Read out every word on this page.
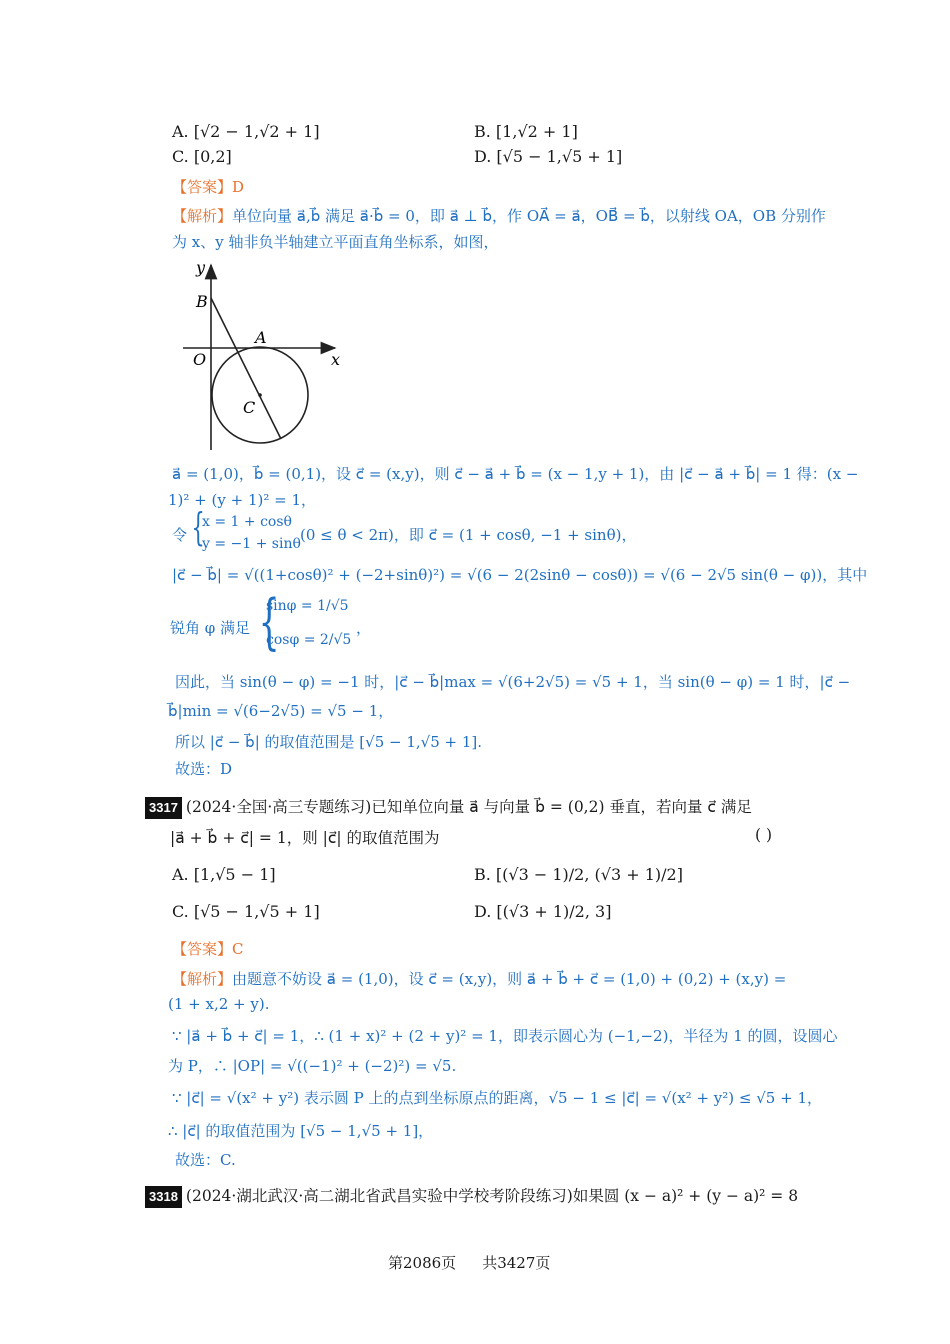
A. [√2 − 1,√2 + 1]	B. [1,√2 + 1]
C. [0,2]	D. [√5 − 1,√5 + 1]
【答案】D
【解析】单位向量 a⃗,b⃗ 满足 a⃗·b⃗ = 0，即 a⃗ ⊥ b⃗，作 OA⃗ = a⃗，OB⃗ = b⃗，以射线 OA，OB 分别作
为 x、y 轴非负半轴建立平面直角坐标系，如图，
y
x
O
A
B
C
a⃗ = (1,0)，b⃗ = (0,1)，设 c⃗ = (x,y)，则 c⃗ − a⃗ + b⃗ = (x − 1,y + 1)，由 |c⃗ − a⃗ + b⃗| = 1 得：(x −
1)² + (y + 1)² = 1，
令 {
x = 1 + cosθ
y = −1 + sinθ (0 ≤ θ < 2π)，即 c⃗ = (1 + cosθ, −1 + sinθ)，
|c⃗ − b⃗| = √((1+cosθ)² + (−2+sinθ)²) = √(6 − 2(2sinθ − cosθ)) = √(6 − 2√5 sin(θ − φ))，其中
锐角 φ 满足 {
sinφ = 1/√5
cosφ = 2/√5
，
因此，当 sin(θ − φ) = −1 时，|c⃗ − b⃗|max = √(6+2√5) = √5 + 1，当 sin(θ − φ) = 1 时，|c⃗ −
b⃗|min = √(6−2√5) = √5 − 1，
所以 |c⃗ − b⃗| 的取值范围是 [√5 − 1,√5 + 1].
故选：D
3317 (2024·全国·高三专题练习)已知单位向量 a⃗ 与向量 b⃗ = (0,2) 垂直，若向量 c⃗ 满足
|a⃗ + b⃗ + c⃗| = 1，则 |c⃗| 的取值范围为	( )
A. [1,√5 − 1]	B. [(√3 − 1)/2, (√3 + 1)/2]
C. [√5 − 1,√5 + 1]	D. [(√3 + 1)/2, 3]
【答案】C
【解析】由题意不妨设 a⃗ = (1,0)，设 c⃗ = (x,y)，则 a⃗ + b⃗ + c⃗ = (1,0) + (0,2) + (x,y) =
(1 + x,2 + y).
∵ |a⃗ + b⃗ + c⃗| = 1，∴ (1 + x)² + (2 + y)² = 1，即表示圆心为 (−1,−2)，半径为 1 的圆，设圆心
为 P，∴ |OP| = √((−1)² + (−2)²) = √5.
∵ |c⃗| = √(x² + y²) 表示圆 P 上的点到坐标原点的距离，√5 − 1 ≤ |c⃗| = √(x² + y²) ≤ √5 + 1，
∴ |c⃗| 的取值范围为 [√5 − 1,√5 + 1]，
故选：C.
3318 (2024·湖北武汉·高二湖北省武昌实验中学校考阶段练习)如果圆 (x − a)² + (y − a)² = 8
第2086页 共3427页
